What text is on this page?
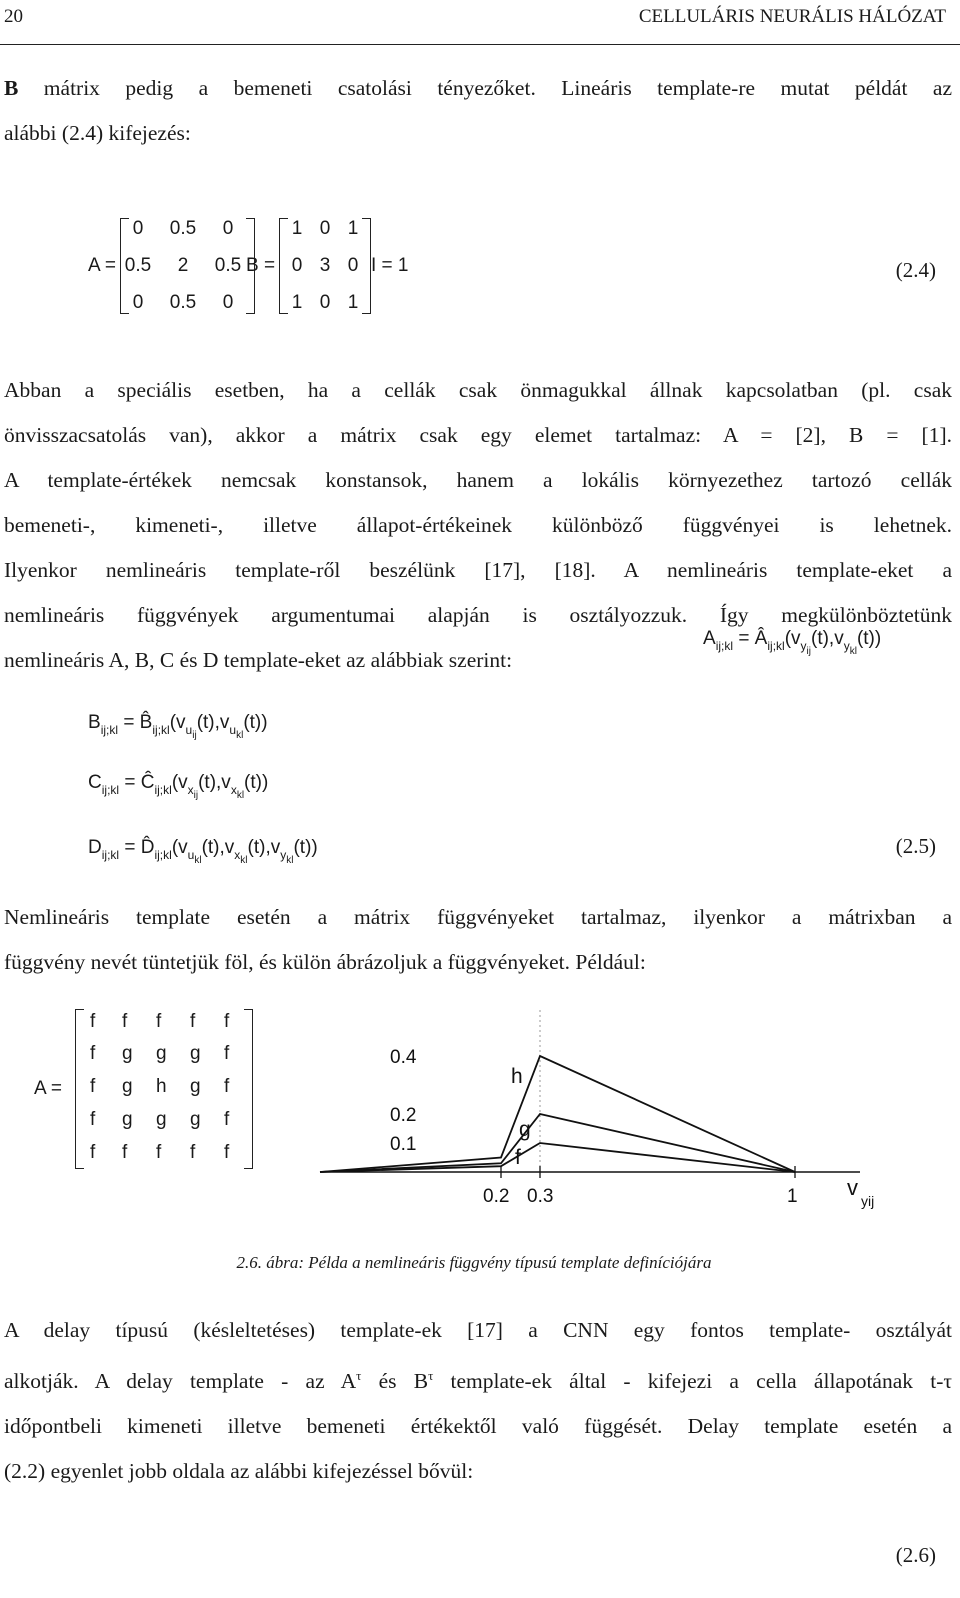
20	CELLULÁRIS NEURÁLIS HÁLÓZAT
B mátrix pedig a bemeneti csatolási tényezőket. Lineáris template-re mutat példát az
alábbi (2.4) kifejezés:
A =
0	0.5	0
0.5	2	0.5
0	0.5	0
B =
1 0 1
0 3 0
1 0 1
I = 1	(2.4)
Abban a speciális esetben, ha a cellák csak önmagukkal állnak kapcsolatban (pl. csak
önvisszacsatolás van), akkor a mátrix csak egy elemet tartalmaz: A = [2], B = [1].
A template-értékek nemcsak konstansok, hanem a lokális környezethez tartozó cellák
bemeneti-, kimeneti-, illetve állapot-értékeinek különböző függvényei is lehetnek.
Ilyenkor nemlineáris template-ről beszélünk [17], [18]. A nemlineáris template-eket a
nemlineáris függvények argumentumai alapján is osztályozzuk. Így megkülönböztetünk
nemlineáris A, B, C és D template-eket az alábbiak szerint:
$A_{ij;kl}$ = $Â_{ij;kl}(v_{yij}(t),v_{ykl}(t))$
$B_{ij;kl}$ = $B̂_{ij;kl}(v_{uij}(t),v_{ukl}(t))$
$C_{ij;kl}$ = $Ĉ_{ij;kl}(v_{xij}(t),v_{xkl}(t))$
$D_{ij;kl}$ = $D̂_{ij;kl}(v_{ukl}(t),v_{xkl}(t),v_{ykl}(t))$	(2.5)
Nemlineáris template esetén a mátrix függvényeket tartalmaz, ilyenkor a mátrixban a
függvény nevét tüntetjük föl, és külön ábrázoljuk a függvényeket. Például:
A =
f f f f f
f g g g f
f g h g f
f g g g f
f f f f f
0.4
0.2
0.1
0.2 0.3	1 v
yij
h
g
f
2.6. ábra: Példa a nemlineáris függvény típusú template definíciójára
A delay típusú (késleltetéses) template-ek [17] a CNN egy fontos template- osztályát
alkotják. A delay template - az $A^\tau$ és $B^\tau$ template-ek által - kifejezi a cella állapotának t-τ
időpontbeli kimeneti illetve bemeneti értékektől való függését. Delay template esetén a
(2.2) egyenlet jobb oldala az alábbi kifejezéssel bővül:
(2.6)
